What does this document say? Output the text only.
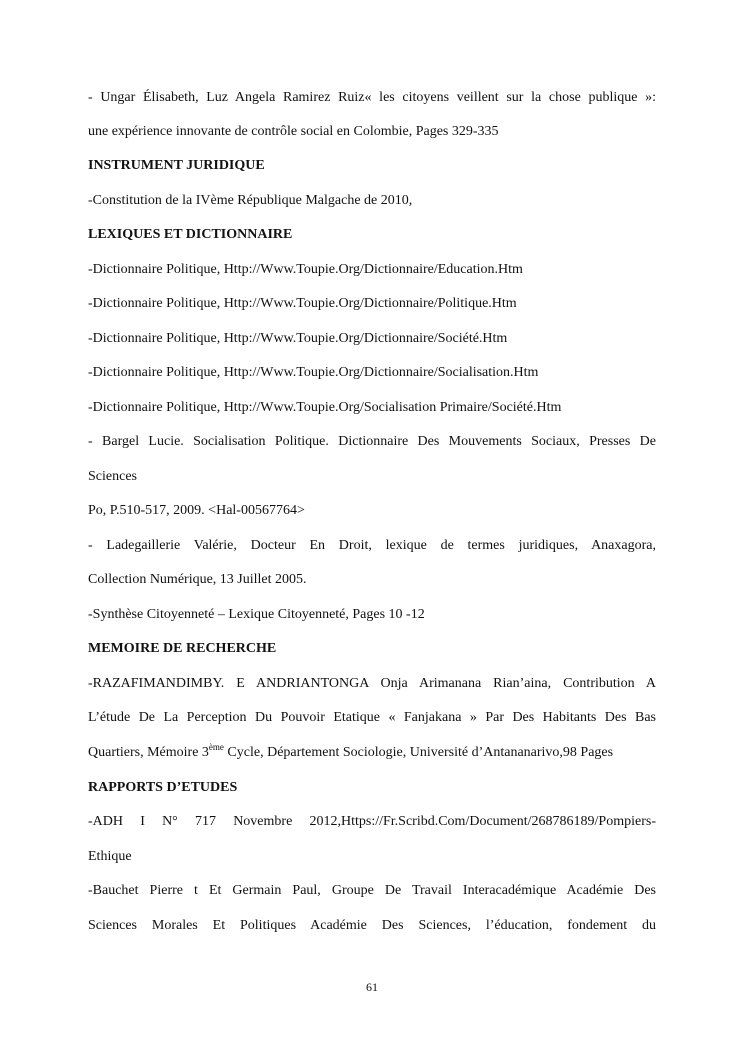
- Ungar Élisabeth, Luz Angela Ramirez Ruiz« les citoyens veillent sur la chose publique »:

une expérience innovante de contrôle social en Colombie, Pages 329-335

INSTRUMENT JURIDIQUE

-Constitution de la IVème République Malgache de 2010,

LEXIQUES ET DICTIONNAIRE

-Dictionnaire Politique, Http://Www.Toupie.Org/Dictionnaire/Education.Htm

-Dictionnaire Politique, Http://Www.Toupie.Org/Dictionnaire/Politique.Htm

-Dictionnaire Politique, Http://Www.Toupie.Org/Dictionnaire/Société.Htm

-Dictionnaire Politique, Http://Www.Toupie.Org/Dictionnaire/Socialisation.Htm

-Dictionnaire Politique, Http://Www.Toupie.Org/Socialisation Primaire/Société.Htm

- Bargel Lucie. Socialisation Politique. Dictionnaire Des Mouvements Sociaux, Presses De

Sciences

Po, P.510-517, 2009. <Hal-00567764>

- Ladegaillerie Valérie, Docteur En Droit, lexique de termes juridiques, Anaxagora,

Collection Numérique, 13 Juillet 2005.

-Synthèse Citoyenneté – Lexique Citoyenneté, Pages 10 -12

MEMOIRE DE RECHERCHE

-RAZAFIMANDIMBY. E ANDRIANTONGA Onja Arimanana Rian’aina, Contribution A

L’étude De La Perception Du Pouvoir Etatique « Fanjakana » Par Des Habitants Des Bas

Quartiers, Mémoire 3ème Cycle, Département Sociologie, Université d’Antananarivo,98 Pages

RAPPORTS D’ETUDES

-ADH I N° 717 Novembre 2012,Https://Fr.Scribd.Com/Document/268786189/Pompiers-

Ethique

-Bauchet Pierre t Et Germain Paul, Groupe De Travail Interacadémique Académie Des

Sciences Morales Et Politiques Académie Des Sciences, l’éducation, fondement du

61
